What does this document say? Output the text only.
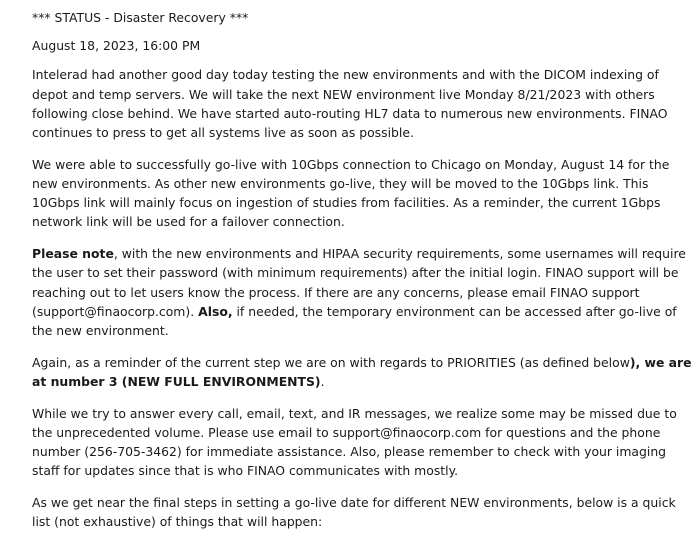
*** STATUS - Disaster Recovery ***
August 18, 2023, 16:00 PM
Intelerad had another good day today testing the new environments and with the DICOM indexing of
depot and temp servers. We will take the next NEW environment live Monday 8/21/2023 with others
following close behind. We have started auto-routing HL7 data to numerous new environments. FINAO
continues to press to get all systems live as soon as possible.
We were able to successfully go-live with 10Gbps connection to Chicago on Monday, August 14 for the
new environments. As other new environments go-live, they will be moved to the 10Gbps link. This
10Gbps link will mainly focus on ingestion of studies from facilities. As a reminder, the current 1Gbps
network link will be used for a failover connection.
Please note, with the new environments and HIPAA security requirements, some usernames will require
the user to set their password (with minimum requirements) after the initial login. FINAO support will be
reaching out to let users know the process. If there are any concerns, please email FINAO support
(support@finaocorp.com). Also, if needed, the temporary environment can be accessed after go-live of
the new environment.
Again, as a reminder of the current step we are on with regards to PRIORITIES (as defined below), we are
at number 3 (NEW FULL ENVIRONMENTS).
While we try to answer every call, email, text, and IR messages, we realize some may be missed due to
the unprecedented volume. Please use email to support@finaocorp.com for questions and the phone
number (256-705-3462) for immediate assistance. Also, please remember to check with your imaging
staff for updates since that is who FINAO communicates with mostly.
As we get near the final steps in setting a go-live date for different NEW environments, below is a quick
list (not exhaustive) of things that will happen:
